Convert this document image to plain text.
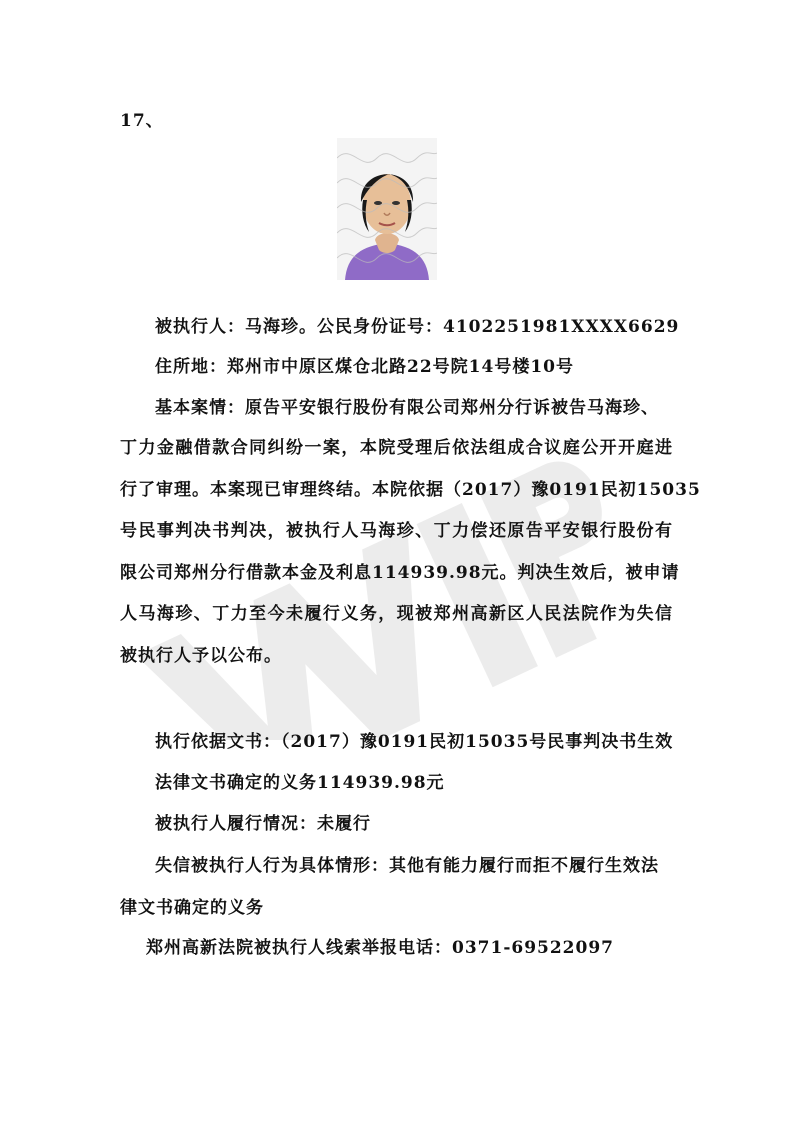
17、
被执行人：马海珍。公民身份证号：4102251981XXXX6629
住所地：郑州市中原区煤仓北路22号院14号楼10号
基本案情：原告平安银行股份有限公司郑州分行诉被告马海珍、
丁力金融借款合同纠纷一案，本院受理后依法组成合议庭公开开庭进
行了审理。本案现已审理终结。本院依据（2017）豫0191民初15035
号民事判决书判决，被执行人马海珍、丁力偿还原告平安银行股份有
限公司郑州分行借款本金及利息114939.98元。判决生效后，被申请
人马海珍、丁力至今未履行义务，现被郑州高新区人民法院作为失信
被执行人予以公布。
执行依据文书：（2017）豫0191民初15035号民事判决书生效
法律文书确定的义务114939.98元
被执行人履行情况：未履行
失信被执行人行为具体情形：其他有能力履行而拒不履行生效法
律文书确定的义务
郑州高新法院被执行人线索举报电话：0371-69522097
